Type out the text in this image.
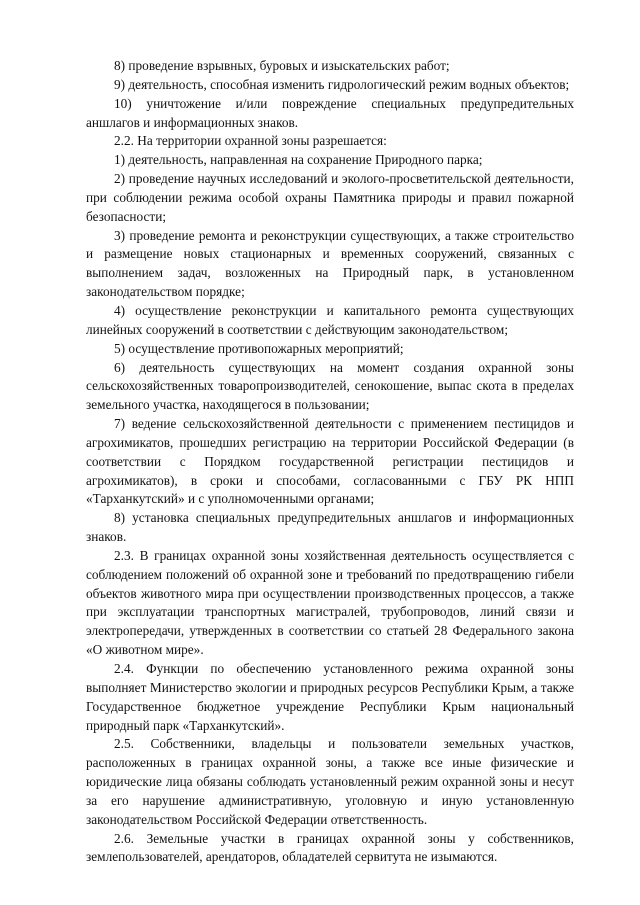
8) проведение взрывных, буровых и изыскательских работ;

9) деятельность, способная изменить гидрологический режим водных объектов;

10) уничтожение и/или повреждение специальных предупредительных аншлагов и информационных знаков.

2.2. На территории охранной зоны разрешается:

1) деятельность, направленная на сохранение Природного парка;

2) проведение научных исследований и эколого-просветительской деятельности, при соблюдении режима особой охраны Памятника природы и правил пожарной безопасности;

3) проведение ремонта и реконструкции существующих, а также строительство и размещение новых стационарных и временных сооружений, связанных с выполнением задач, возложенных на Природный парк, в установленном законодательством порядке;

4) осуществление реконструкции и капитального ремонта существующих линейных сооружений в соответствии с действующим законодательством;

5) осуществление противопожарных мероприятий;

6) деятельность существующих на момент создания охранной зоны сельскохозяйственных товаропроизводителей, сенокошение, выпас скота в пределах земельного участка, находящегося в пользовании;

7) ведение сельскохозяйственной деятельности с применением пестицидов и агрохимикатов, прошедших регистрацию на территории Российской Федерации (в соответствии с Порядком государственной регистрации пестицидов и агрохимикатов), в сроки и способами, согласованными с ГБУ РК НПП «Тарханкутский» и с уполномоченными органами;

8) установка специальных предупредительных аншлагов и информационных знаков.

2.3. В границах охранной зоны хозяйственная деятельность осуществляется с соблюдением положений об охранной зоне и требований по предотвращению гибели объектов животного мира при осуществлении производственных процессов, а также при эксплуатации транспортных магистралей, трубопроводов, линий связи и электропередачи, утвержденных в соответствии со статьей 28 Федерального закона «О животном мире».

2.4. Функции по обеспечению установленного режима охранной зоны выполняет Министерство экологии и природных ресурсов Республики Крым, а также Государственное бюджетное учреждение Республики Крым национальный природный парк «Тарханкутский».

2.5. Собственники, владельцы и пользователи земельных участков, расположенных в границах охранной зоны, а также все иные физические и юридические лица обязаны соблюдать установленный режим охранной зоны и несут за его нарушение административную, уголовную и иную установленную законодательством Российской Федерации ответственность.

2.6. Земельные участки в границах охранной зоны у собственников, землепользователей, арендаторов, обладателей сервитута не изымаются.
